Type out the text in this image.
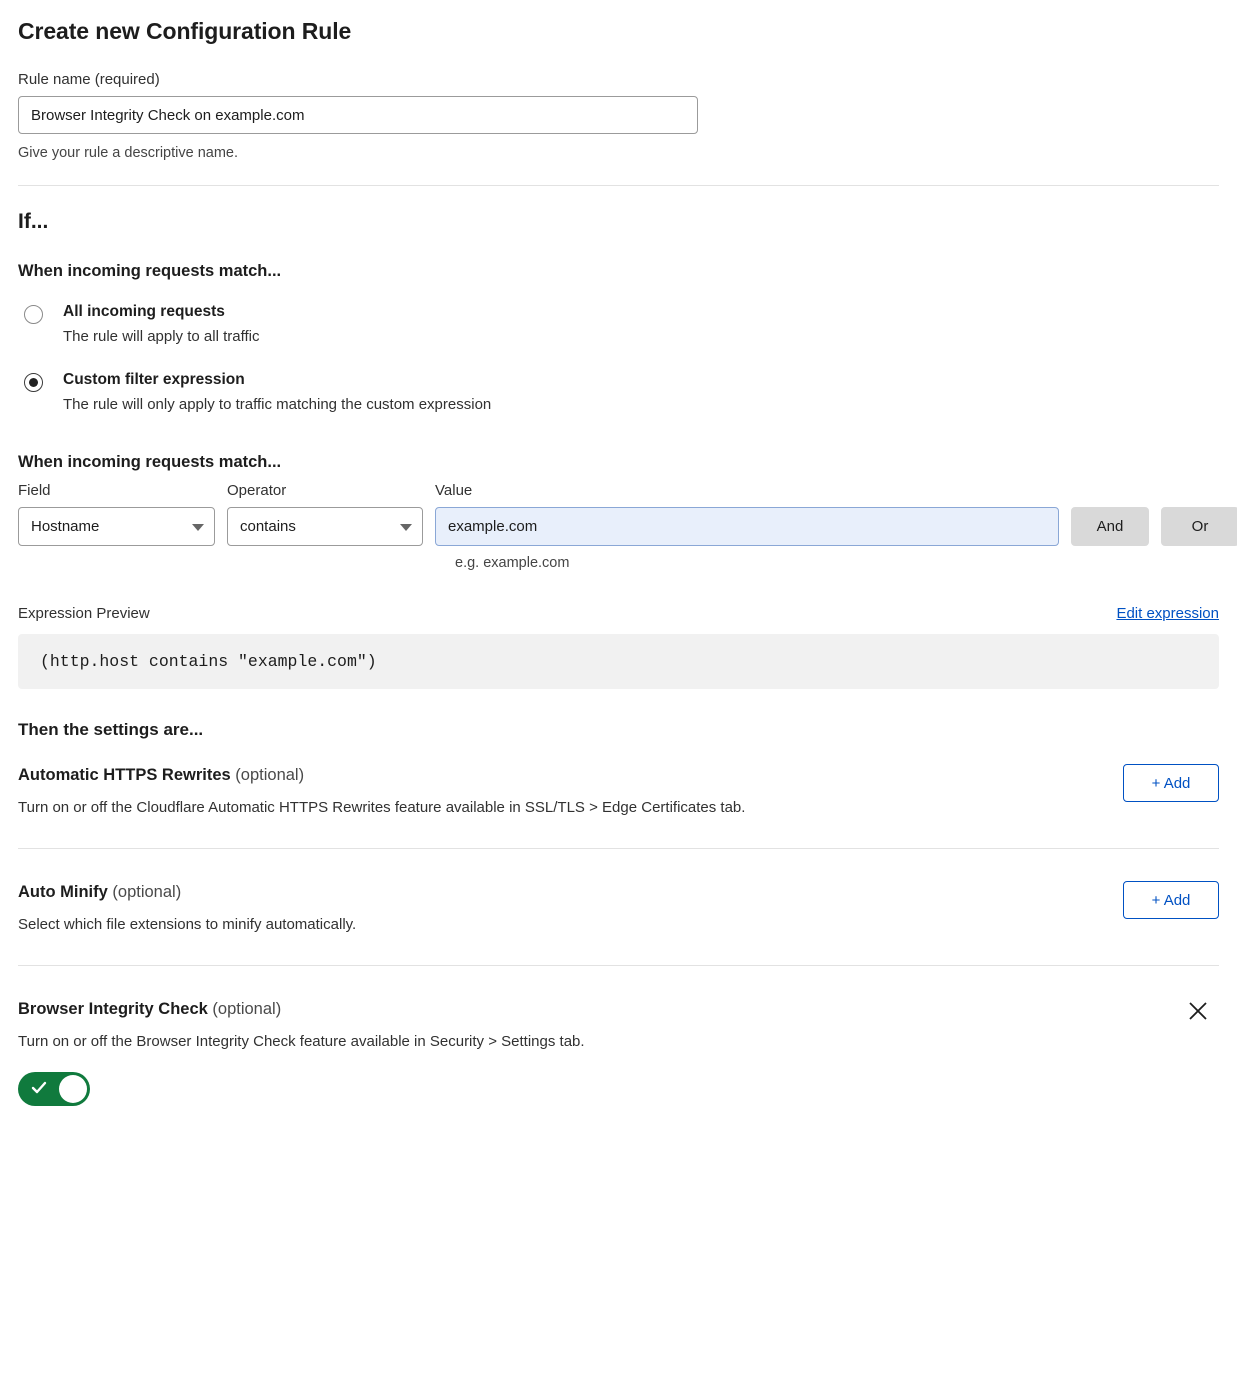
Create new Configuration Rule
Rule name (required)
Browser Integrity Check on example.com
Give your rule a descriptive name.
If...
When incoming requests match...
All incoming requests
The rule will apply to all traffic
Custom filter expression
The rule will only apply to traffic matching the custom expression
When incoming requests match...
Field
Hostname
Operator
contains
Value
example.com
And	Or
e.g. example.com
Expression Preview	Edit expression
(http.host contains "example.com")
Then the settings are...
Automatic HTTPS Rewrites (optional)
Turn on or off the Cloudflare Automatic HTTPS Rewrites feature available in SSL/TLS > Edge Certificates tab.
+ Add
Auto Minify (optional)
Select which file extensions to minify automatically.
+ Add
Browser Integrity Check (optional)
Turn on or off the Browser Integrity Check feature available in Security > Settings tab.
